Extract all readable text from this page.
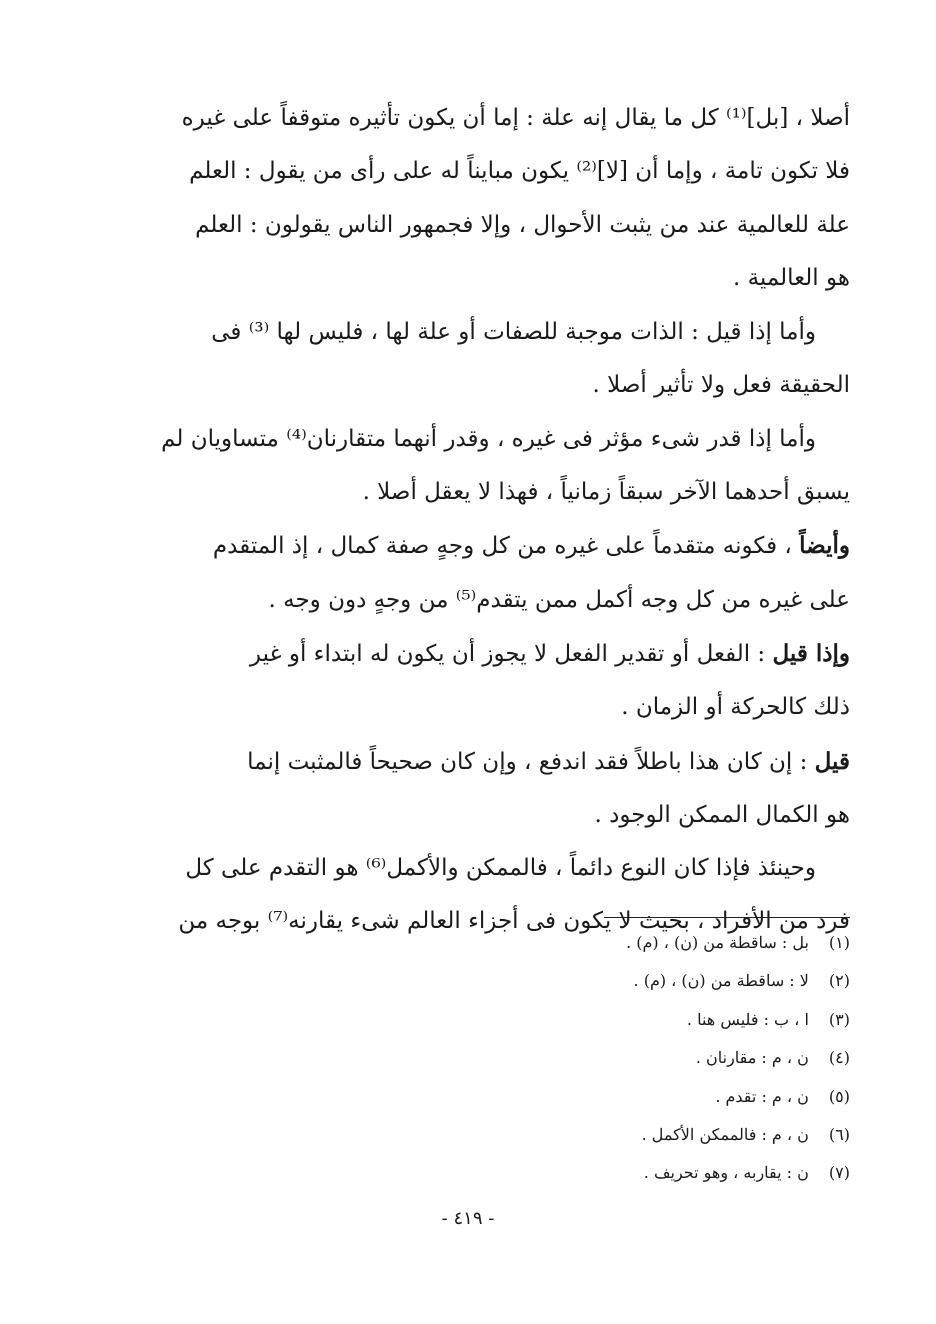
أصلا ، [بل]⁽¹⁾ كل ما يقال إنه علة : إما أن يكون تأثيره متوقفاً على غيره
فلا تكون تامة ، وإما أن [لا]⁽²⁾ يكون مبايناً له على رأى من يقول : العلم
علة للعالمية عند من يثبت الأحوال ، وإلا فجمهور الناس يقولون : العلم
هو العالمية .

وأما إذا قيل : الذات موجبة للصفات أو علة لها ، فليس لها ⁽³⁾ فى
الحقيقة فعل ولا تأثير أصلا .

وأما إذا قدر شىء مؤثر فى غيره ، وقدر أنهما متقارنان⁽⁴⁾ متساويان لم
يسبق أحدهما الآخر سبقاً زمانياً ، فهذا لا يعقل أصلا .

وأيضاً ، فكونه متقدماً على غيره من كل وجهٍ صفة كمال ، إذ المتقدم
على غيره من كل وجه أكمل ممن يتقدم⁽⁵⁾ من وجهٍ دون وجه .

وإذا قيل : الفعل أو تقدير الفعل لا يجوز أن يكون له ابتداء أو غير
ذلك كالحركة أو الزمان .

قيل : إن كان هذا باطلاً فقد اندفع ، وإن كان صحيحاً فالمثبت إنما
هو الكمال الممكن الوجود .

وحينئذ فإذا كان النوع دائماً ، فالممكن والأكمل⁽⁶⁾ هو التقدم على كل
فرد من الأفراد ، بحيث لا يكون فى أجزاء العالم شىء يقارنه⁽⁷⁾ بوجه من

(١) بل : ساقطة من (ن) ، (م) .
(٢) لا : ساقطة من (ن) ، (م) .
(٣) ا ، ب : فليس هنا .
(٤) ن ، م : مقارنان .
(٥) ن ، م : تقدم .
(٦) ن ، م : فالممكن الأكمل .
(٧) ن : يقاربه ، وهو تحريف .
- ٤١٩ -
